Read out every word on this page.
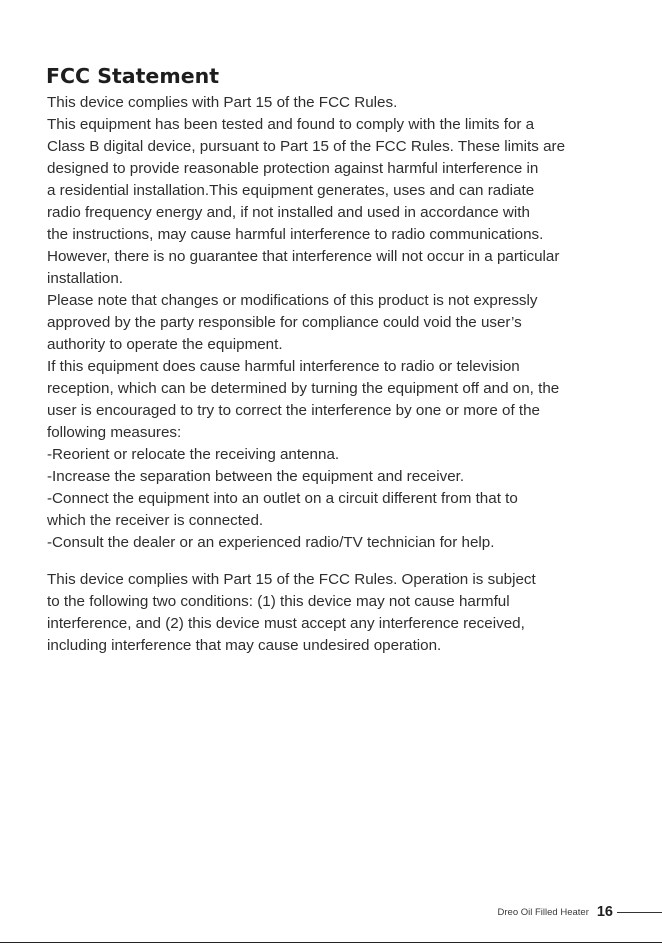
FCC Statement
This device complies with Part 15 of the FCC Rules.
This equipment has been tested and found to comply with the limits for a
Class B digital device, pursuant to Part 15 of the FCC Rules. These limits are
designed to provide reasonable protection against harmful interference in
a residential installation.This equipment generates, uses and can radiate
radio frequency energy and, if not installed and used in accordance with
the instructions, may cause harmful interference to radio communications.
However, there is no guarantee that interference will not occur in a particular
installation.
Please note that changes or modifications of this product is not expressly
approved by the party responsible for compliance could void the user’s
authority to operate the equipment.
If this equipment does cause harmful interference to radio or television
reception, which can be determined by turning the equipment off and on, the
user is encouraged to try to correct the interference by one or more of the
following measures:
-Reorient or relocate the receiving antenna.
-Increase the separation between the equipment and receiver.
-Connect the equipment into an outlet on a circuit different from that to
which the receiver is connected.
-Consult the dealer or an experienced radio/TV technician for help.
This device complies with Part 15 of the FCC Rules. Operation is subject
to the following two conditions: (1) this device may not cause harmful
interference, and (2) this device must accept any interference received,
including interference that may cause undesired operation.
Dreo Oil Filled Heater 16
